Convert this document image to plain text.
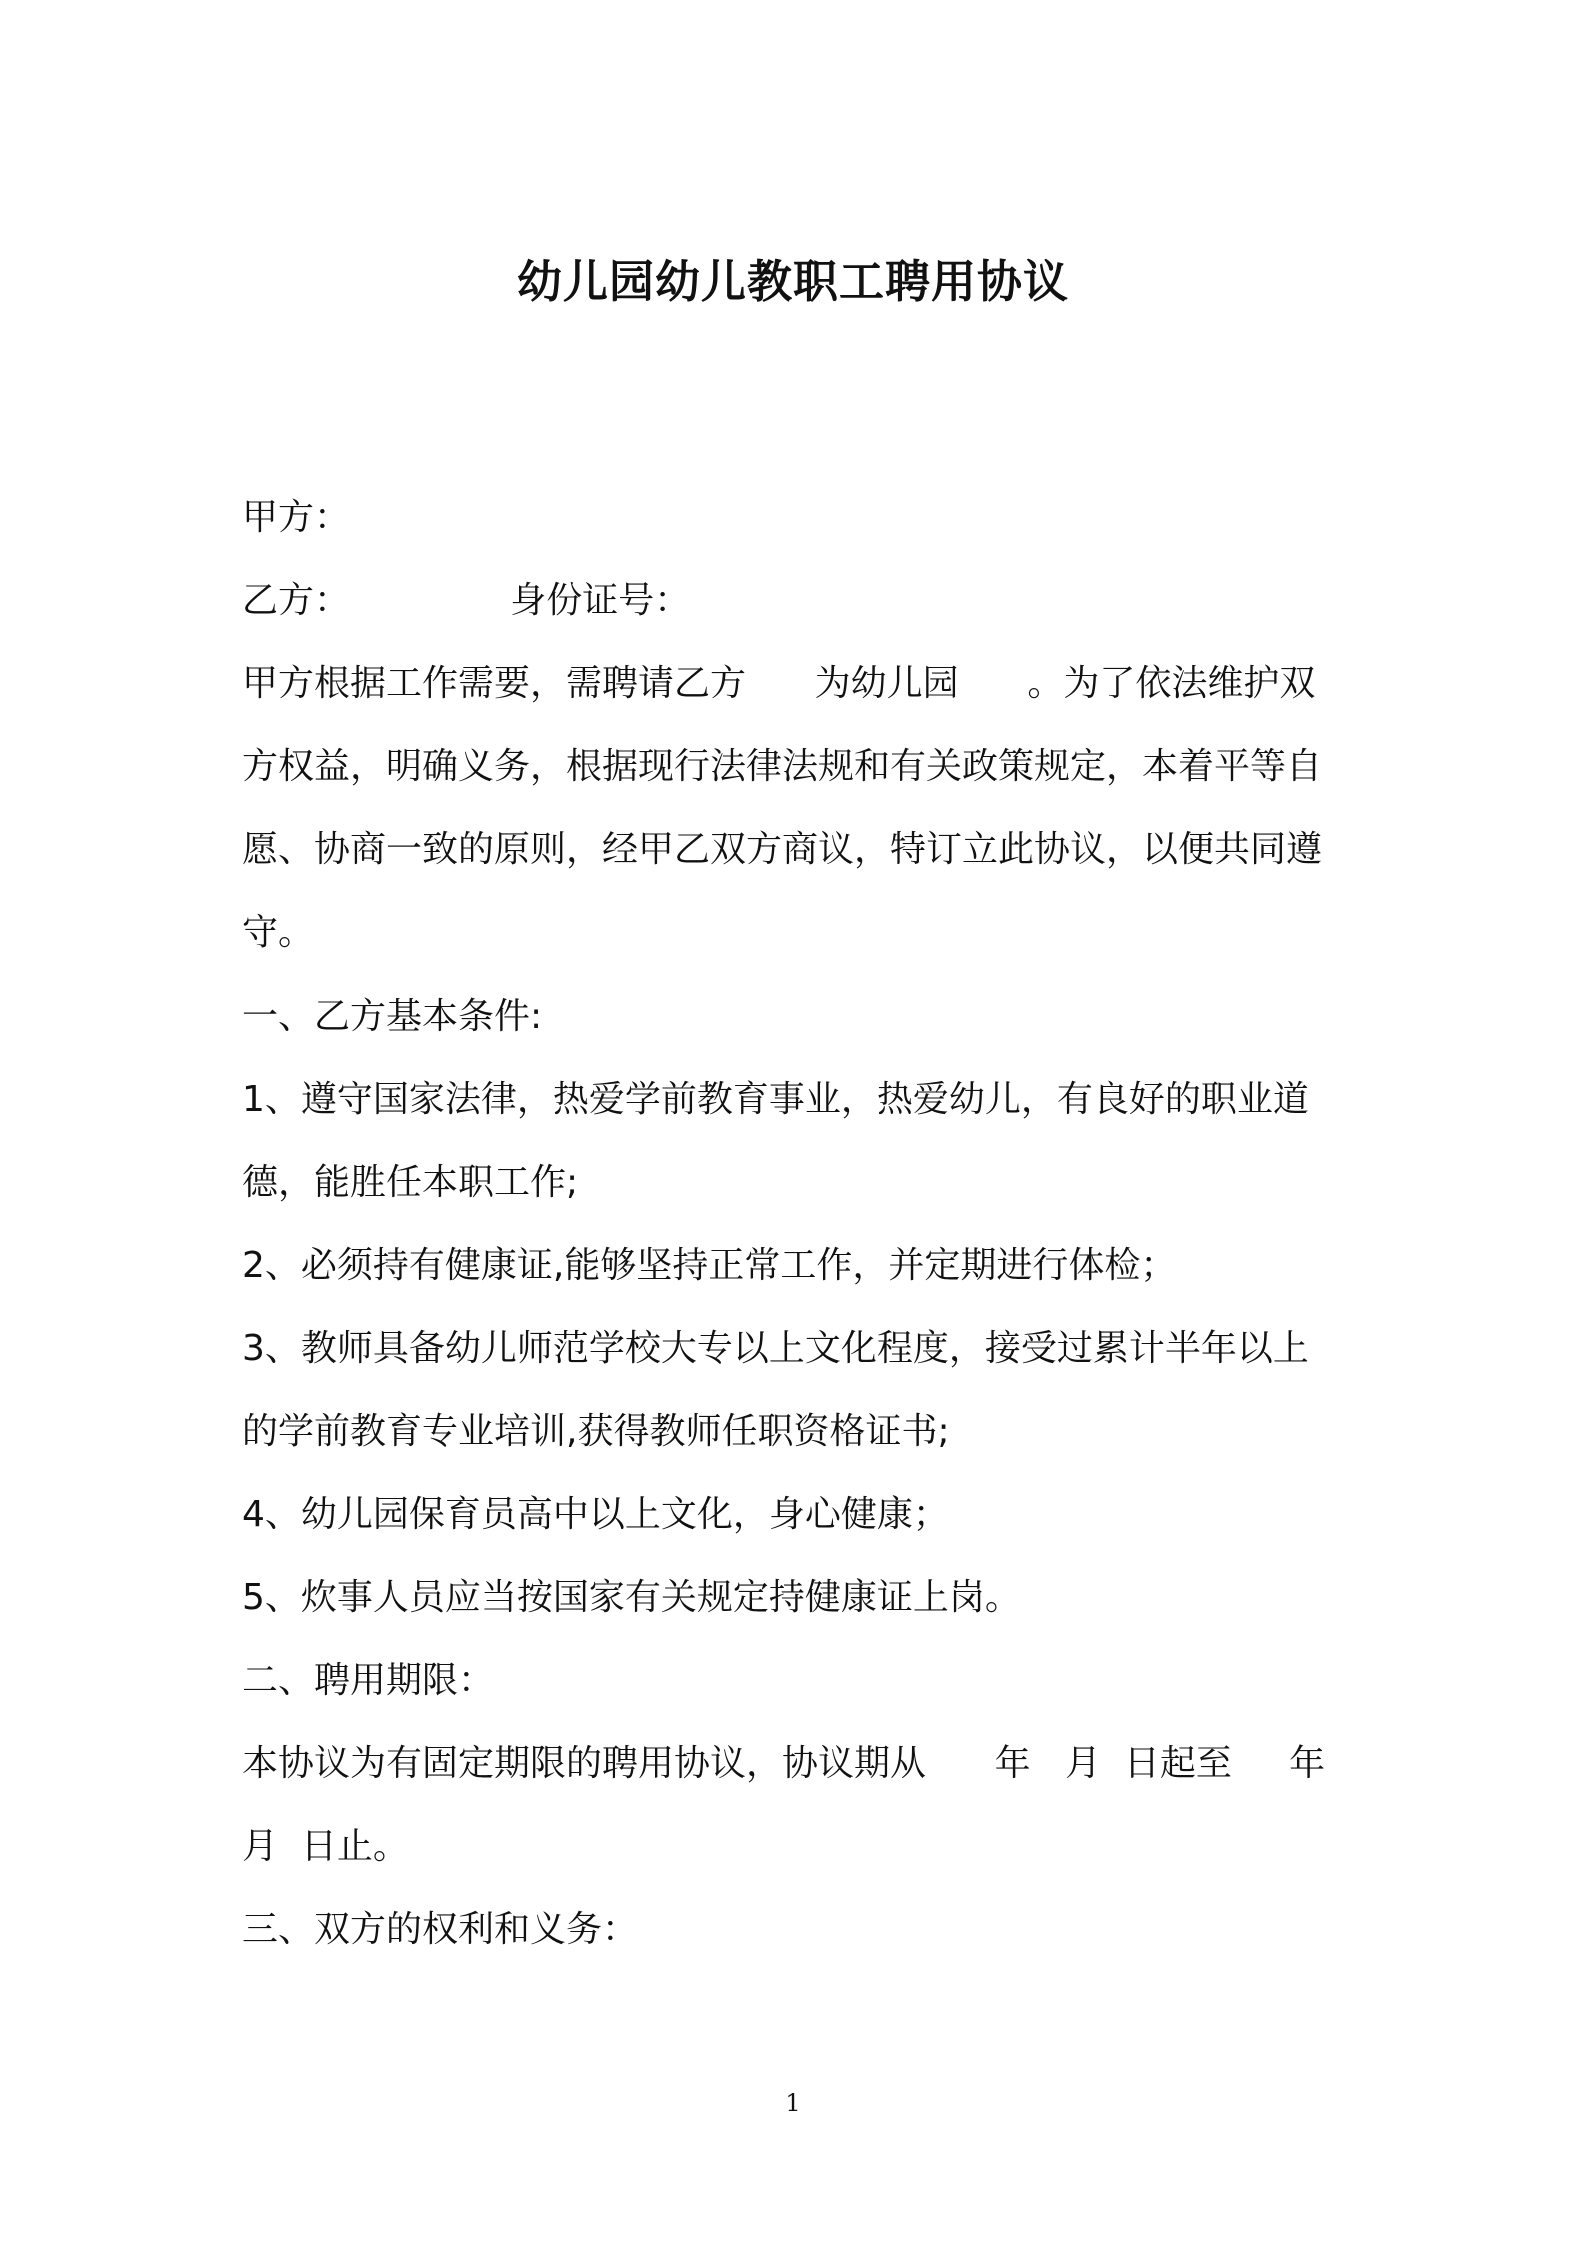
幼儿园幼儿教职工聘用协议
甲方：
乙方：              身份证号：
甲方根据工作需要，需聘请乙方      为幼儿园      。为了依法维护双
方权益，明确义务，根据现行法律法规和有关政策规定，本着平等自
愿、协商一致的原则，经甲乙双方商议，特订立此协议，以便共同遵
守。
一、乙方基本条件:
1、遵守国家法律，热爱学前教育事业，热爱幼儿，有良好的职业道
德，能胜任本职工作;
2、必须持有健康证,能够坚持正常工作，并定期进行体检；
3、教师具备幼儿师范学校大专以上文化程度，接受过累计半年以上
的学前教育专业培训,获得教师任职资格证书;
4、幼儿园保育员高中以上文化，身心健康；
5、炊事人员应当按国家有关规定持健康证上岗。
二、聘用期限：
本协议为有固定期限的聘用协议，协议期从      年   月  日起至     年
月  日止。
三、双方的权利和义务：
1
